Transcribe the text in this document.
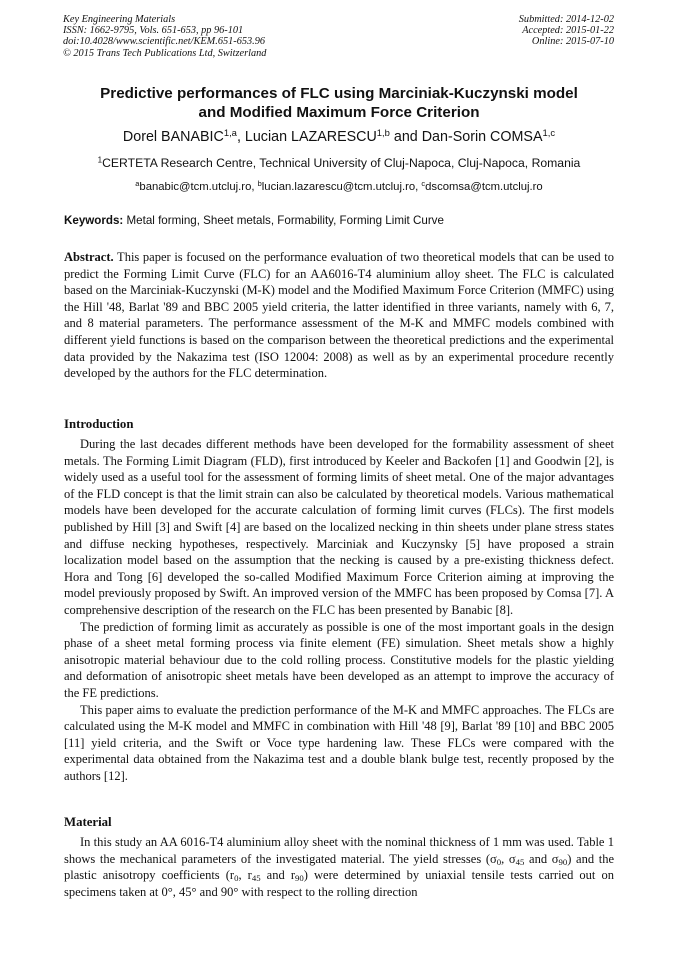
Key Engineering Materials
ISSN: 1662-9795, Vols. 651-653, pp 96-101
doi:10.4028/www.scientific.net/KEM.651-653.96
© 2015 Trans Tech Publications Ltd, Switzerland
Submitted: 2014-12-02
Accepted: 2015-01-22
Online: 2015-07-10
Predictive performances of FLC using Marciniak-Kuczynski model
and Modified Maximum Force Criterion
Dorel BANABIC$^{1,a}$, Lucian LAZARESCU$^{1,b}$ and Dan-Sorin COMSA$^{1,c}$
$^1$CERTETA Research Centre, Technical University of Cluj-Napoca, Cluj-Napoca, Romania
$^a$banabic@tcm.utcluj.ro, $^b$lucian.lazarescu@tcm.utcluj.ro, $^c$dscomsa@tcm.utcluj.ro
Keywords: Metal forming, Sheet metals, Formability, Forming Limit Curve

Abstract. This paper is focused on the performance evaluation of two theoretical models that can be used to predict the Forming Limit Curve (FLC) for an AA6016-T4 aluminium alloy sheet. The FLC is calculated based on the Marciniak-Kuczynski (M-K) model and the Modified Maximum Force Criterion (MMFC) using the Hill '48, Barlat '89 and BBC 2005 yield criteria, the latter identified in three variants, namely with 6, 7, and 8 material parameters. The performance assessment of the M-K and MMFC models combined with different yield functions is based on the comparison between the theoretical predictions and the experimental data provided by the Nakazima test (ISO 12004: 2008) as well as by an experimental procedure recently developed by the authors for the FLC determination.

Introduction

During the last decades different methods have been developed for the formability assessment of sheet metals. The Forming Limit Diagram (FLD), first introduced by Keeler and Backofen [1] and Goodwin [2], is widely used as a useful tool for the assessment of forming limits of sheet metal. One of the major advantages of the FLD concept is that the limit strain can also be calculated by theoretical models. Various mathematical models have been developed for the accurate calculation of forming limit curves (FLCs). The first models published by Hill [3] and Swift [4] are based on the localized necking in thin sheets under plane stress states and diffuse necking hypotheses, respectively. Marciniak and Kuczynsky [5] have proposed a strain localization model based on the assumption that the necking is caused by a pre-existing thickness defect. Hora and Tong [6] developed the so-called Modified Maximum Force Criterion aiming at improving the model previously proposed by Swift. An improved version of the MMFC has been proposed by Comsa [7]. A comprehensive description of the research on the FLC has been presented by Banabic [8].

The prediction of forming limit as accurately as possible is one of the most important goals in the design phase of a sheet metal forming process via finite element (FE) simulation. Sheet metals show a highly anisotropic material behaviour due to the cold rolling process. Constitutive models for the plastic yielding and deformation of anisotropic sheet metals have been developed as an attempt to improve the accuracy of the FE predictions.

This paper aims to evaluate the prediction performance of the M-K and MMFC approaches. The FLCs are calculated using the M-K model and MMFC in combination with Hill '48 [9], Barlat '89 [10] and BBC 2005 [11] yield criteria, and the Swift or Voce type hardening law. These FLCs were compared with the experimental data obtained from the Nakazima test and a double blank bulge test, recently proposed by the authors [12].

Material

In this study an AA 6016-T4 aluminium alloy sheet with the nominal thickness of 1 mm was used. Table 1 shows the mechanical parameters of the investigated material. The yield stresses ($\sigma_0$, $\sigma_{45}$ and $\sigma_{90}$) and the plastic anisotropy coefficients ($r_0$, $r_{45}$ and $r_{90}$) were determined by uniaxial tensile tests carried out on specimens taken at 0°, 45° and 90° with respect to the rolling direction
